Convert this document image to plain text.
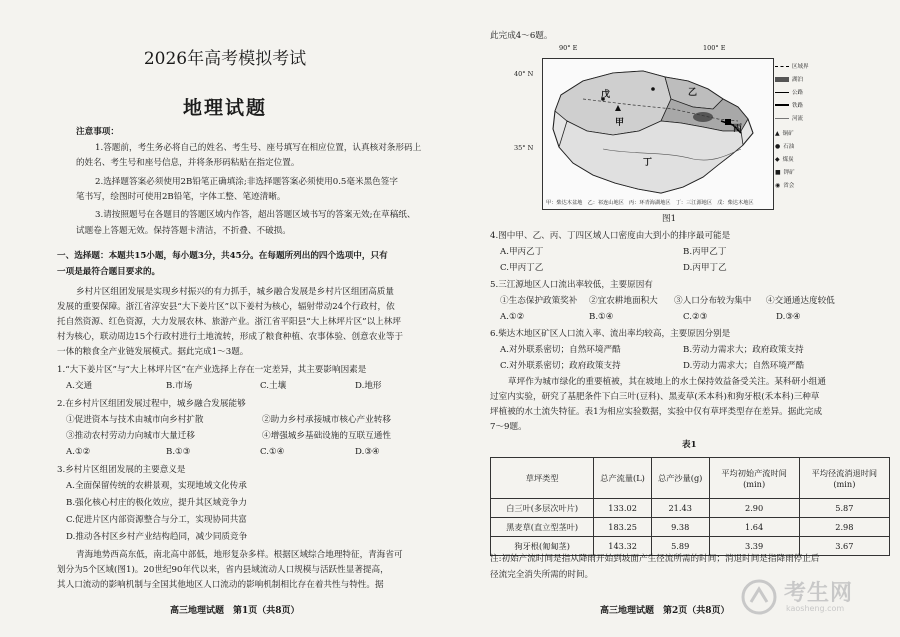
2026年高考模拟考试
地理试题
注意事项：
1.答题前，考生务必将自己的姓名、考生号、座号填写在相应位置，认真核对条形码上
的姓名、考生号和座号信息，并将条形码粘贴在指定位置。
2.选择题答案必须使用2B铅笔正确填涂;非选择题答案必须使用0.5毫米黑色签字
笔书写，绘图时可使用2B铅笔，字体工整、笔迹清晰。
3.请按照题号在各题目的答题区域内作答，超出答题区域书写的答案无效;在草稿纸、
试题卷上答题无效。保持答题卡清洁，不折叠、不破损。
一、选择题：本题共15小题，每小题3分，共45分。在每题所列出的四个选项中，只有
一项是最符合题目要求的。
乡村片区组团发展是实现乡村振兴的有力抓手，城乡融合发展是乡村片区组团高质量
发展的重要保障。浙江省淳安县“大下姜片区”以下姜村为核心，辐射带动24个行政村，依
托自然资源、红色资源，大力发展农林、旅游产业。浙江省平阳县“大上林坪片区”以上林坪
村为核心，联动周边15个行政村进行土地流转，形成了粮食种植、农事体验、创意农业等于
一体的粮食全产业链发展模式。据此完成1～3题。
1.“大下姜片区”与“大上林坪片区”在产业选择上存在一定差异，其主要影响因素是
A.交通	B.市场	C.土壤	D.地形
2.在乡村片区组团发展过程中，城乡融合发展能够
①促进资本与技术由城市向乡村扩散	②助力乡村承接城市核心产业转移
③推动农村劳动力向城市大量迁移	④增强城乡基础设施的互联互通性
A.①②	B.①③	C.①④	D.③④
3.乡村片区组团发展的主要意义是
A.全面保留传统的农耕景观，实现地域文化传承
B.强化核心村庄的极化效应，提升其区域竞争力
C.促进片区内部资源整合与分工，实现协同共富
D.推动各村区乡村产业结构趋同，减少同质竞争
青海地势西高东低，南北高中部低，地形复杂多样。根据区域综合地理特征，青海省可
划分为5个区域(图1)。20世纪90年代以来，省内县域流动人口规模与活跃性显著提高，
其人口流动的影响机制与全国其他地区人口流动的影响机制相比存在着共性与特性。据
高三地理试题　第1页（共8页）
此完成4～6题。
90° E	100° E
40° N
35° N
戊	乙
甲
丙
丁
区域界
湖泊
公路
铁路
河流
▲ 铜矿
● 石油
◆ 煤炭
■ 钾矿
◉ 省会
甲：柴达木盆地　乙：祁连山地区　丙：环青海湖地区　丁：三江源地区　戊：柴达木地区
图1
4.图中甲、乙、丙、丁四区域人口密度由大到小的排序最可能是
A.甲丙乙丁	B.丙甲乙丁
C.甲丙丁乙	D.丙甲丁乙
5.三江源地区人口流出率较低，主要原因有
①生态保护政策奖补 ②宜农耕地面积大 ③人口分布较为集中 ④交通通达度较低
A.①②	B.①④	C.②③	D.③④
6.柴达木地区矿区人口流入率、流出率均较高，主要原因分别是
A.对外联系密切；自然环境严酷	B.劳动力需求大；政府政策支持
C.对外联系密切；政府政策支持	D.劳动力需求大；自然环境严酷
草坪作为城市绿化的重要植被，其在坡地上的水土保持效益备受关注。某科研小组通
过室内实验，研究了基肥条件下白三叶(豆科)、黑麦草(禾本科)和狗牙根(禾本科)三种草
坪植被的水土流失特征。表1为相应实验数据，实验中仅有草坪类型存在差异。据此完成
7～9题。
表1
草坪类型	总产流量(L)	总产沙量(g)	平均初始产流时间(min)	平均径流消退时间(min)
白三叶(多层次叶片)	133.02	21.43	2.90	5.87
黑麦草(直立型茎叶)	183.25	9.38	1.64	2.98
狗牙根(匍匐茎)	143.32	5.89	3.39	3.67
注:初始产流时间是指从降雨开始到坡面产生径流所需的时间；消退时间是指降雨停止后
径流完全消失所需的时间。
高三地理试题　第2页（共8页）
考生网
kaosheng.com
